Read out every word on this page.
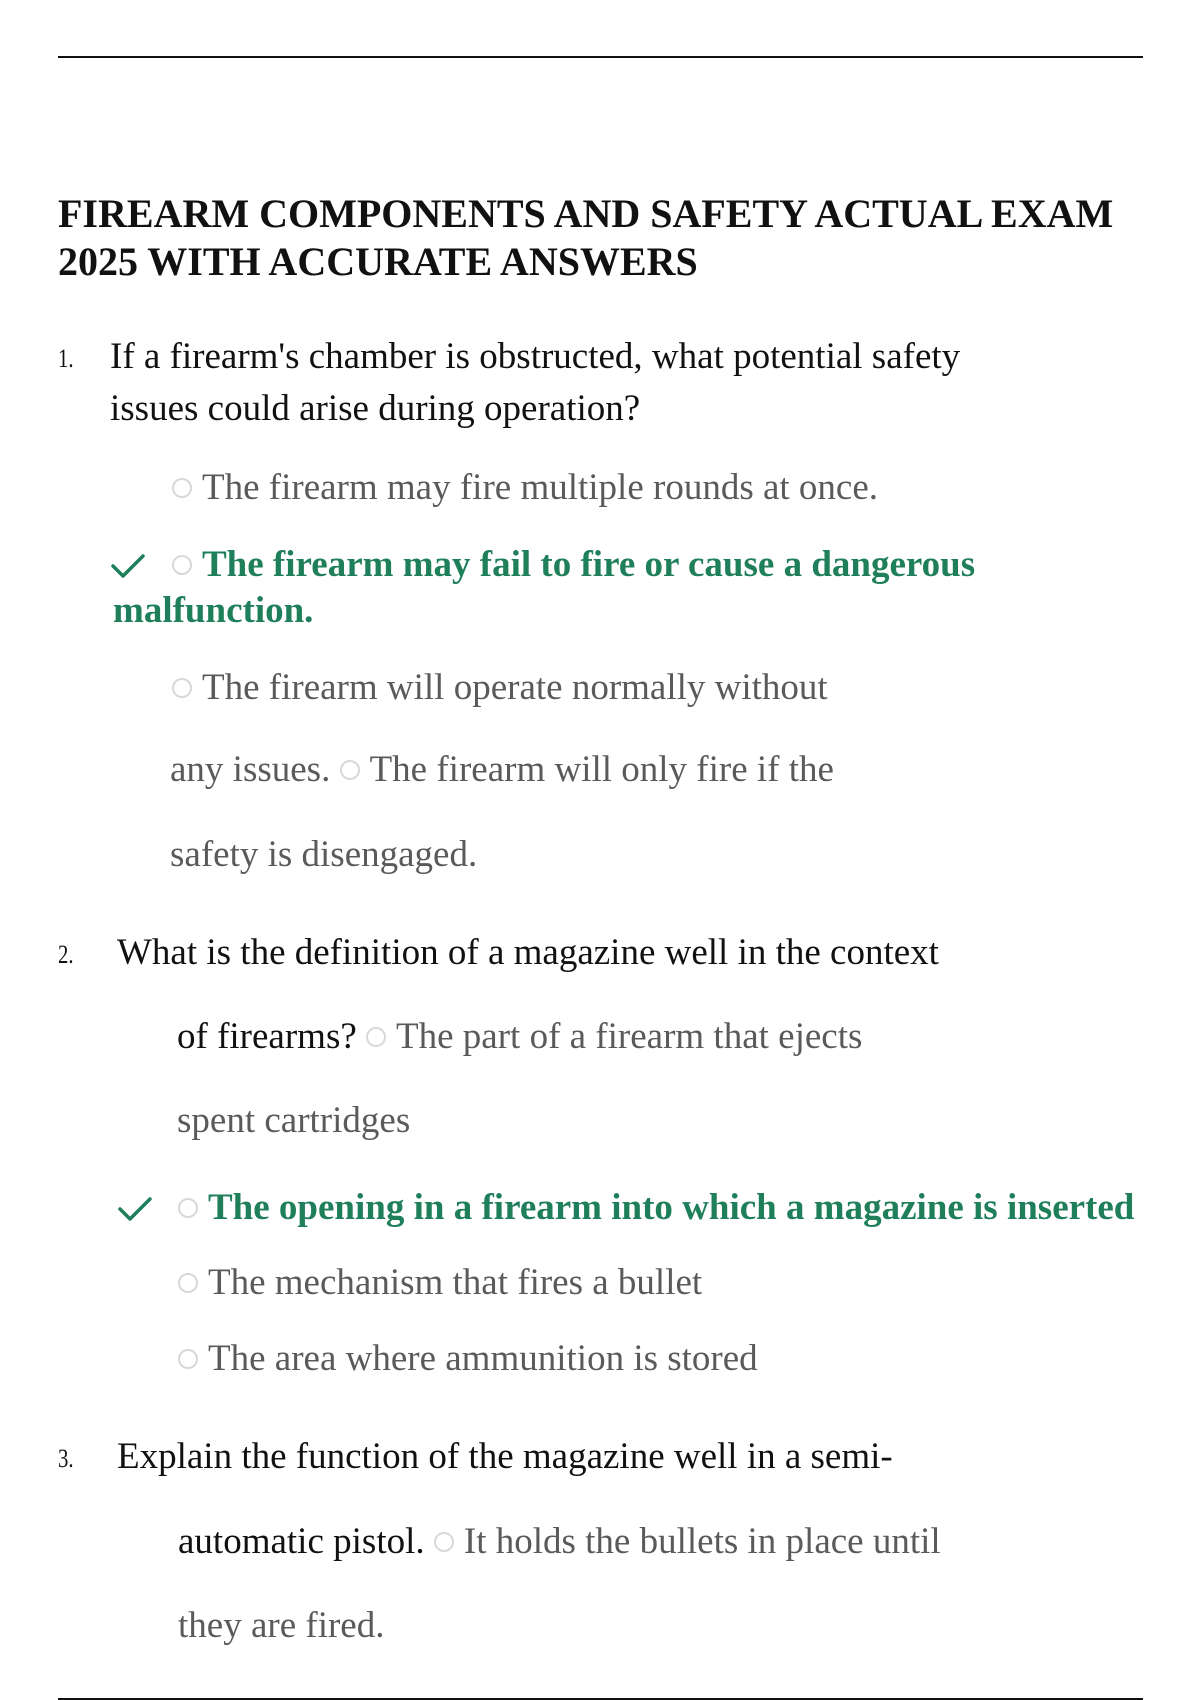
FIREARM COMPONENTS AND SAFETY ACTUAL EXAM 2025 WITH ACCURATE ANSWERS
1. If a firearm's chamber is obstructed, what potential safety
issues could arise during operation?
The firearm may fire multiple rounds at once.
The firearm may fail to fire or cause a dangerous
malfunction.
The firearm will operate normally without
any issues. The firearm will only fire if the
safety is disengaged.
2. What is the definition of a magazine well in the context
of firearms? The part of a firearm that ejects
spent cartridges
The opening in a firearm into which a magazine is inserted
The mechanism that fires a bullet
The area where ammunition is stored
3. Explain the function of the magazine well in a semi-
automatic pistol. It holds the bullets in place until
they are fired.
